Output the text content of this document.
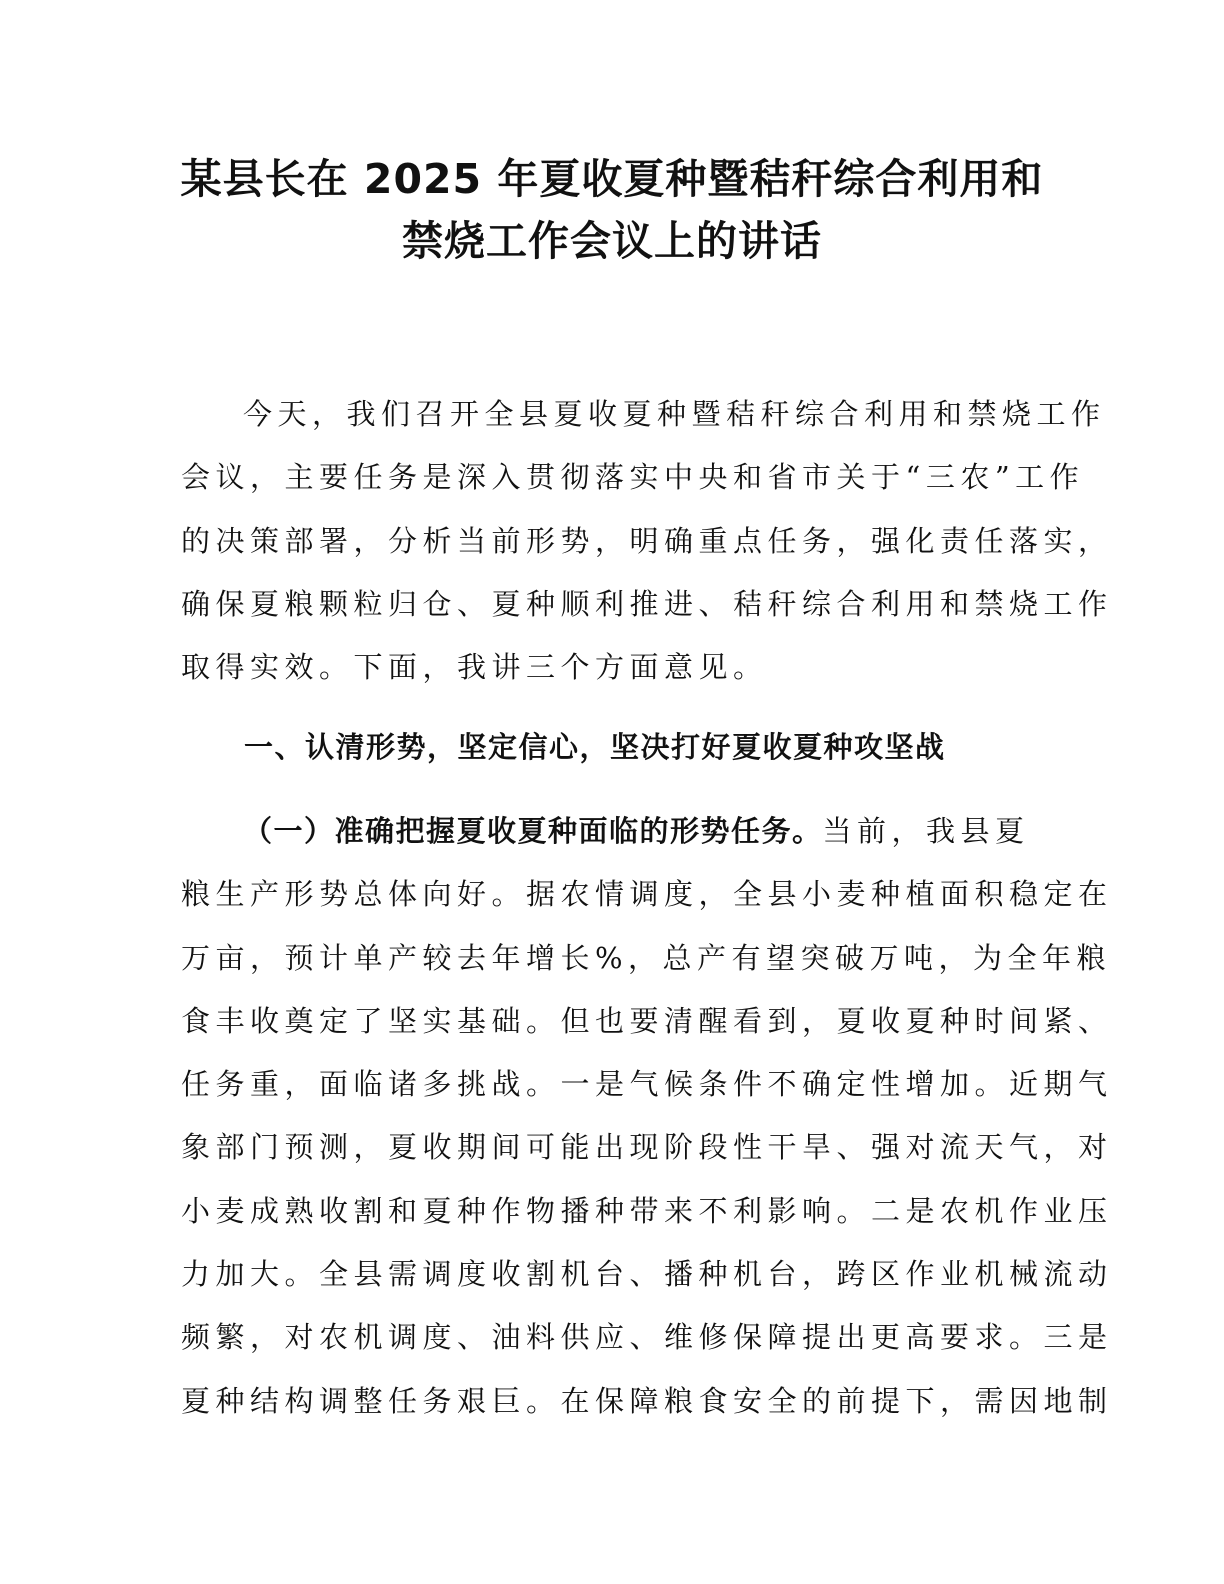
某县长在 2025 年夏收夏种暨秸秆综合利用和
禁烧工作会议上的讲话
今天，我们召开全县夏收夏种暨秸秆综合利用和禁烧工作
会议，主要任务是深入贯彻落实中央和省市关于“三农”工作
的决策部署，分析当前形势，明确重点任务，强化责任落实，
确保夏粮颗粒归仓、夏种顺利推进、秸秆综合利用和禁烧工作
取得实效。下面，我讲三个方面意见。
一、认清形势，坚定信心，坚决打好夏收夏种攻坚战
（一）准确把握夏收夏种面临的形势任务。当前，我县夏
粮生产形势总体向好。据农情调度，全县小麦种植面积稳定在
万亩，预计单产较去年增长%，总产有望突破万吨，为全年粮
食丰收奠定了坚实基础。但也要清醒看到，夏收夏种时间紧、
任务重，面临诸多挑战。一是气候条件不确定性增加。近期气
象部门预测，夏收期间可能出现阶段性干旱、强对流天气，对
小麦成熟收割和夏种作物播种带来不利影响。二是农机作业压
力加大。全县需调度收割机台、播种机台，跨区作业机械流动
频繁，对农机调度、油料供应、维修保障提出更高要求。三是
夏种结构调整任务艰巨。在保障粮食安全的前提下，需因地制
